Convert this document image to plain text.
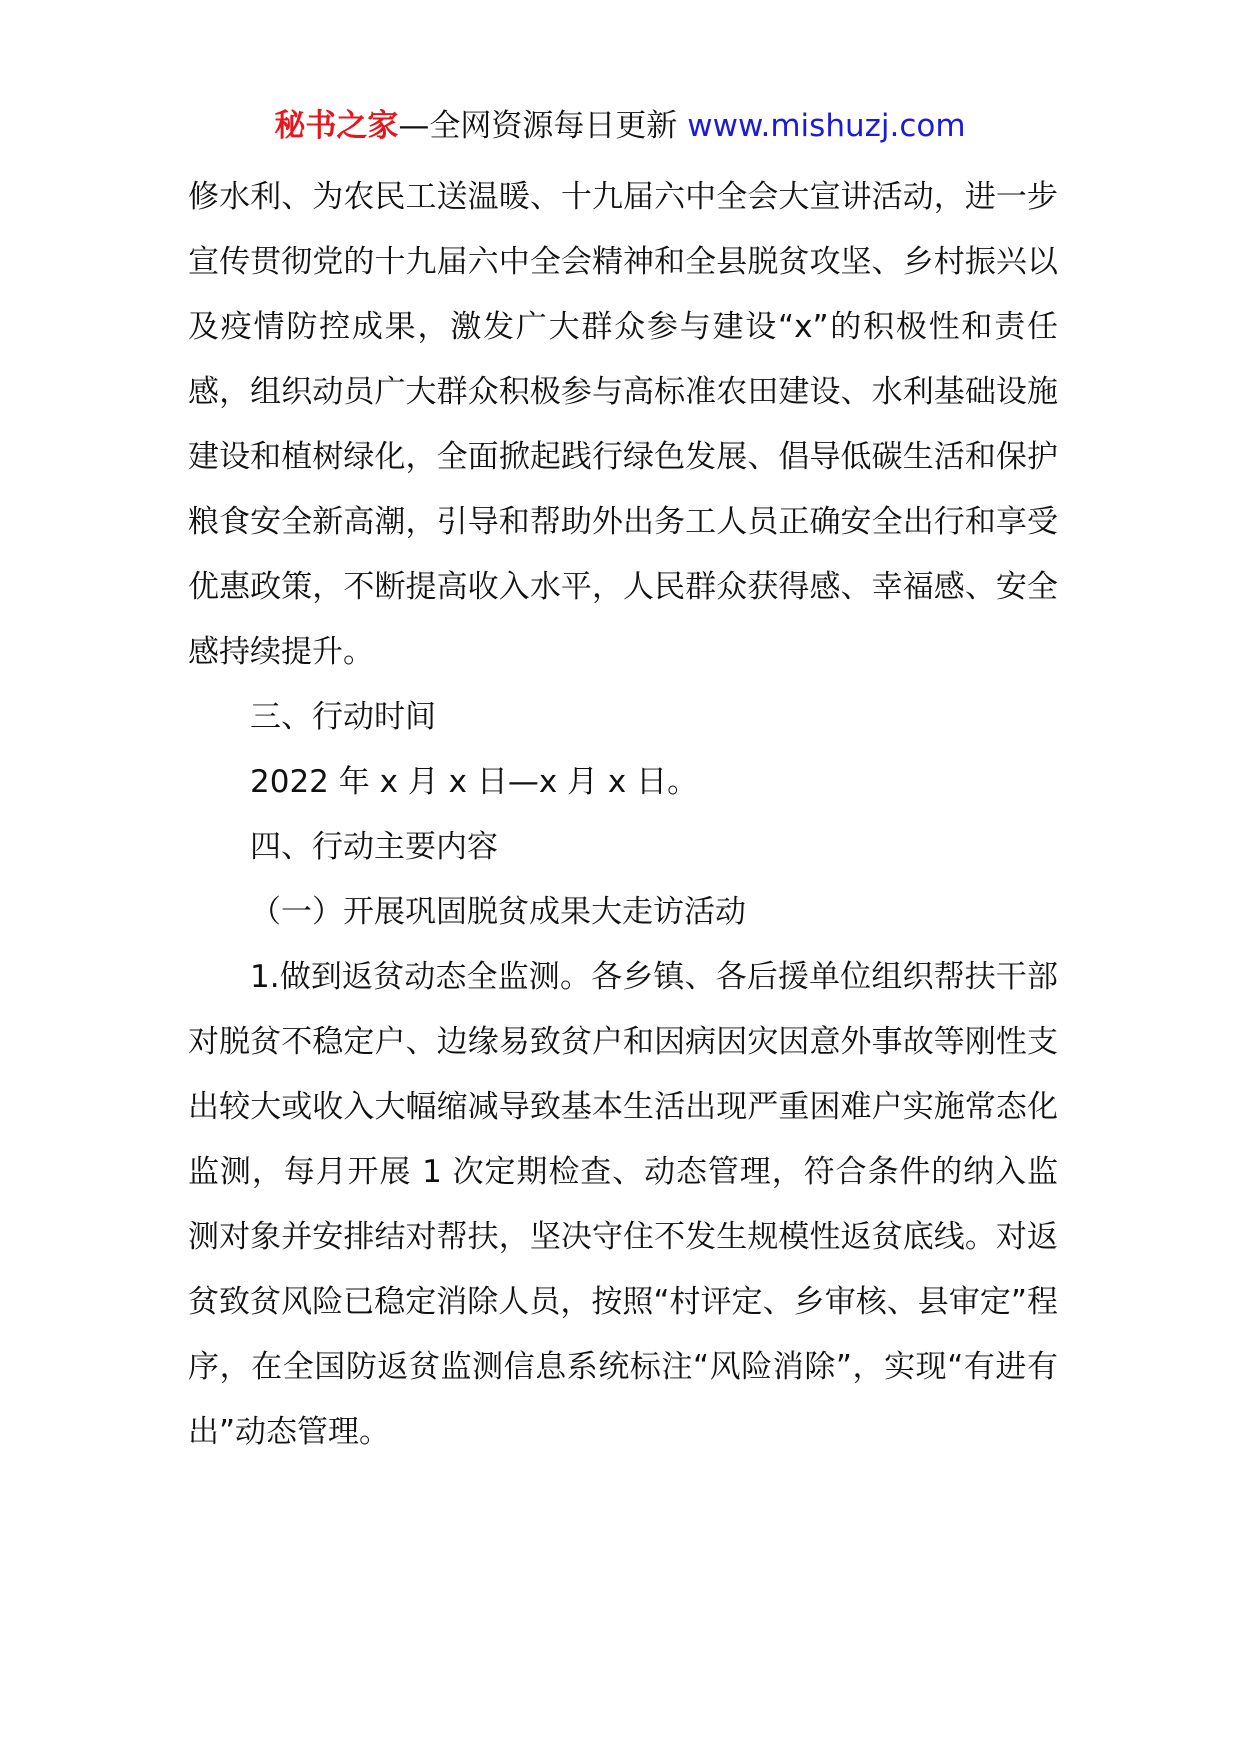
秘书之家—全网资源每日更新 www.mishuzj.com

修水利、为农民工送温暖、十九届六中全会大宣讲活动，进一步宣传贯彻党的十九届六中全会精神和全县脱贫攻坚、乡村振兴以及疫情防控成果，激发广大群众参与建设“x”的积极性和责任感，组织动员广大群众积极参与高标准农田建设、水利基础设施建设和植树绿化，全面掀起践行绿色发展、倡导低碳生活和保护粮食安全新高潮，引导和帮助外出务工人员正确安全出行和享受优惠政策，不断提高收入水平，人民群众获得感、幸福感、安全感持续提升。

三、行动时间

2022 年 x 月 x 日—x 月 x 日。

四、行动主要内容

（一）开展巩固脱贫成果大走访活动

1.做到返贫动态全监测。各乡镇、各后援单位组织帮扶干部对脱贫不稳定户、边缘易致贫户和因病因灾因意外事故等刚性支出较大或收入大幅缩减导致基本生活出现严重困难户实施常态化监测，每月开展 1 次定期检查、动态管理，符合条件的纳入监测对象并安排结对帮扶，坚决守住不发生规模性返贫底线。对返贫致贫风险已稳定消除人员，按照“村评定、乡审核、县审定”程序，在全国防返贫监测信息系统标注“风险消除”，实现“有进有出”动态管理。
